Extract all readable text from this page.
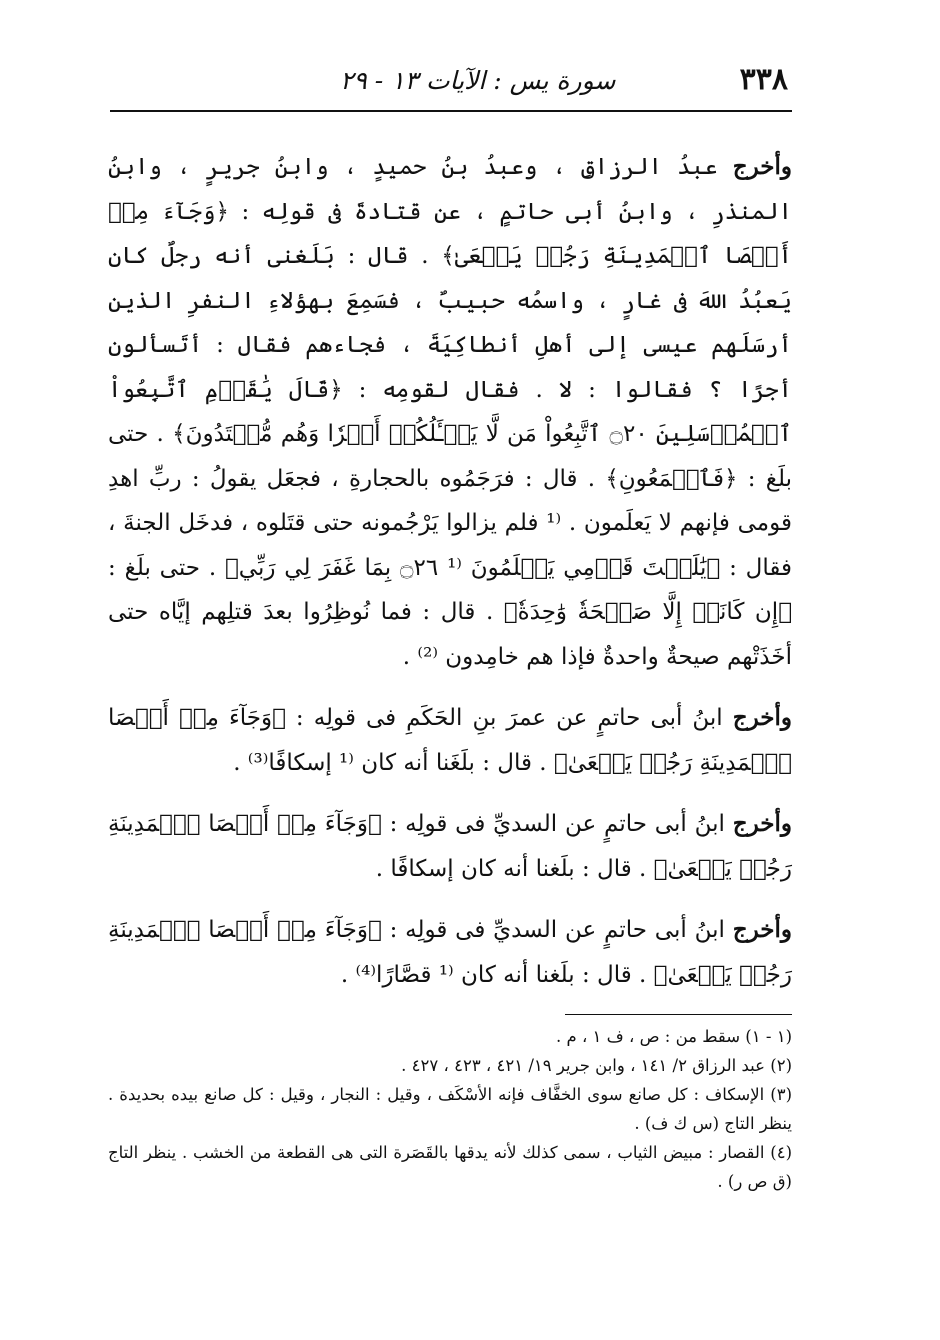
٣٣٨
سورة يس : الآيات ١٣ - ٢٩

وأخرج عبدُ الرزاقِ ، وعبدُ بنُ حميدٍ ، وابنُ جريرٍ ، وابنُ المنذرِ ، وابنُ أبى حاتمٍ ، عن قتادةَ فى قولِه : ﴿وَجَآءَ مِنۡ أَقۡصَا ٱلۡمَدِينَةِ رَجُلٞ يَسۡعَىٰ﴾ . قال : بَلَغنى أنه رجلٌ كان يَعبُدُ اللهَ فى غارٍ ، واسمُه حبيبٌ ، فسَمِعَ بهؤلاءِ النفرِ الذين أرسَلَهم عيسى إلى أهلِ أنطاكِيَةَ ، فجاءهم فقال : أتَسألون أجرًا ؟ فقالوا : لا . فقال لقومِه : ﴿قَالَ يَٰقَوۡمِ ٱتَّبِعُواْ ٱلۡمُرۡسَلِينَ ۝٢٠ ٱتَّبِعُواْ مَن لَّا يَسۡـَٔلُكُمۡ أَجۡرٗا وَهُم مُّهۡتَدُونَ﴾ . حتى بلَغ : ﴿فَٱسۡمَعُونِ﴾ . قال : فرَجَمُوه بالحجارةِ ، فجعَل يقولُ : ربِّ اهدِ قومى فإنهم لا يَعلَمون . ⁽¹ فلم يزالوا يَرْجُمونه حتى قتَلوه ، فدخَل الجنةَ ، فقال : ﴿يَٰلَيۡتَ قَوۡمِي يَعۡلَمُونَ ⁽¹ ۝٢٦ بِمَا غَفَرَ لِي رَبِّي﴾ . حتى بلَغ : ﴿إِن كَانَتۡ إِلَّا صَيۡحَةٗ وَٰحِدَةٗ﴾ . قال : فما نُوظِرُوا بعدَ قتلِهم إيَّاه حتى أخَذَتْهم صيحةٌ واحدةٌ فإذا هم خامِدون ⁽²⁾ .

وأخرج ابنُ أبى حاتمٍ عن عمرَ بنِ الحَكَمِ فى قولِه : ﴿وَجَآءَ مِنۡ أَقۡصَا ٱلۡمَدِينَةِ رَجُلٞ يَسۡعَىٰ﴾ . قال : بلَغَنا أنه كان ⁽¹ إسكافًا⁽³⁾ .

وأخرج ابنُ أبى حاتمٍ عن السديِّ فى قولِه : ﴿وَجَآءَ مِنۡ أَقۡصَا ٱلۡمَدِينَةِ رَجُلٞ يَسۡعَىٰ﴾ . قال : بلَغنا أنه كان إسكافًا .

وأخرج ابنُ أبى حاتمٍ عن السديِّ فى قولِه : ﴿وَجَآءَ مِنۡ أَقۡصَا ٱلۡمَدِينَةِ رَجُلٞ يَسۡعَىٰ﴾ . قال : بلَغنا أنه كان ⁽¹ قصَّارًا⁽⁴⁾ .

(١ - ١) سقط من : ص ، ف ١ ، م .

(٢) عبد الرزاق ٢/ ١٤١ ، وابن جرير ١٩/ ٤٢١ ، ٤٢٣ ، ٤٢٧ .

(٣) الإسكاف : كل صانع سوى الخفَّاف فإنه الأسْكَف ، وقيل : النجار ، وقيل : كل صانع بيده بحديدة . ينظر التاج (س ك ف) .

(٤) القصار : مبيض الثياب ، سمى كذلك لأنه يدقها بالقَصَرة التى هى القطعة من الخشب . ينظر التاج (ق ص ر) .
